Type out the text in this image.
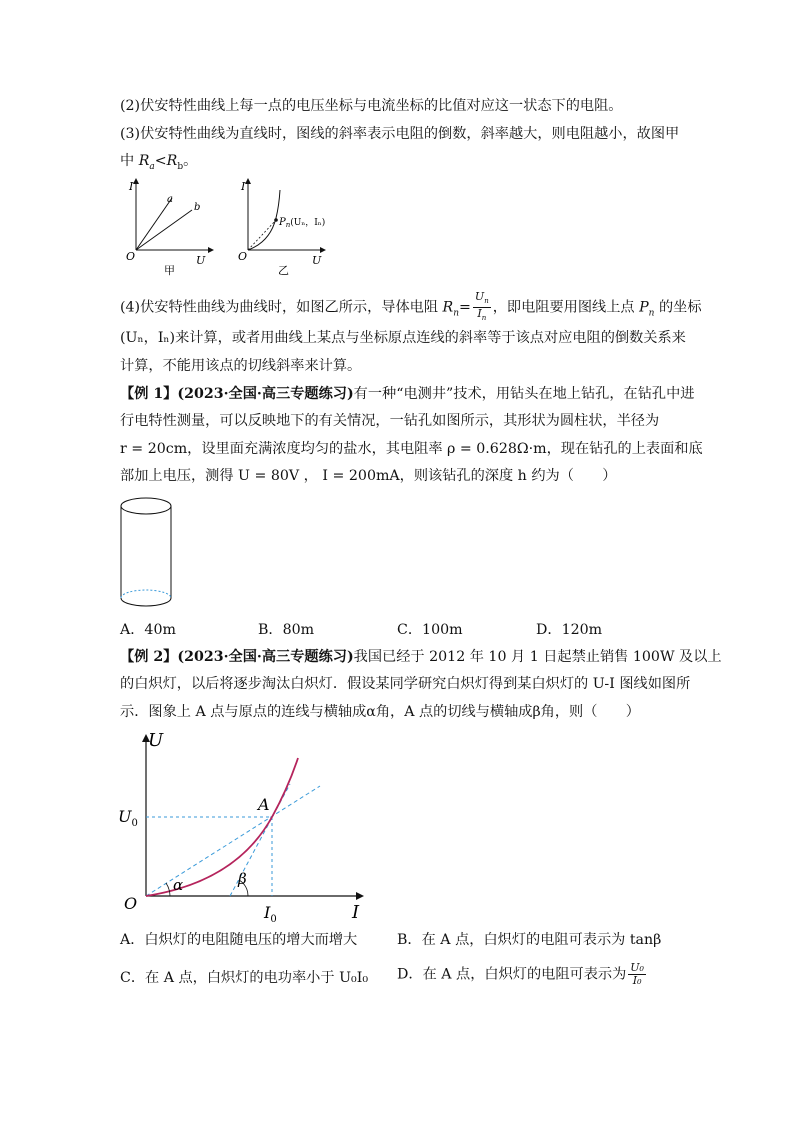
(2)伏安特性曲线上每一点的电压坐标与电流坐标的比值对应这一状态下的电阻。
(3)伏安特性曲线为直线时，图线的斜率表示电阻的倒数，斜率越大，则电阻越小，故图甲
中 $R_a<R_b$。
I
U
O
a
b
甲
$P_n(U_n$，Iₙ)
I
U
O
乙
(4)伏安特性曲线为曲线时，如图乙所示，导体电阻 $R_n= \frac{U_n}{I_n}$ ，即电阻要用图线上点 $P_n$ 的坐标
(Uₙ，Iₙ)来计算，或者用曲线上某点与坐标原点连线的斜率等于该点对应电阻的倒数关系来
计算，不能用该点的切线斜率来计算。
【例 1】(2023·全国·高三专题练习)有一种“电测井”技术，用钻头在地上钻孔，在钻孔中进
行电特性测量，可以反映地下的有关情况，一钻孔如图所示，其形状为圆柱状，半径为
r = 20cm，设里面充满浓度均匀的盐水，其电阻率 ρ = 0.628Ω·m，现在钻孔的上表面和底
部加上电压，测得 U = 80V ， I = 200mA，则该钻孔的深度 h 约为（　　）
A．40m	B．80m	C．100m	D．120m
【例 2】(2023·全国·高三专题练习)我国已经于 2012 年 10 月 1 日起禁止销售 100W 及以上
的白炽灯，以后将逐步淘汰白炽灯．假设某同学研究白炽灯得到某白炽灯的 U-I 图线如图所
示．图象上 A 点与原点的连线与横轴成α角，A 点的切线与横轴成β角，则（　　）
U
I
O
$U_0$
$I_0$
A
α	β
A．白炽灯的电阻随电压的增大而增大	B．在 A 点，白炽灯的电阻可表示为 tanβ
C．在 A 点，白炽灯的电功率小于 U₀I₀ D．在 A 点，白炽灯的电阻可表示为 $\frac{\text{U₀}}{\text{I₀}}$
